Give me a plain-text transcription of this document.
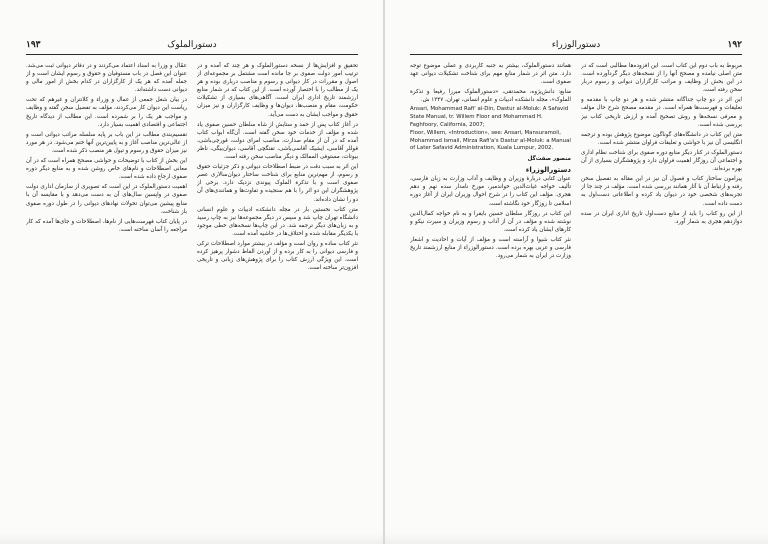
۱۹۲
دستورالوزراء

مربوط به باب دوم این کتاب است. این افزوده‌ها مطالبی است که در متن اصلی نیامده و مصحح آنها را از نسخه‌های دیگر گردآورده است. در این بخش از وظایف و مراتب کارگزاران دیوانی و رسوم دربار سخن رفته است.

این اثر در دو چاپ جداگانه منتشر شده و هر دو چاپ با مقدمه و تعلیقات و فهرست‌ها همراه است. در مقدمه مصحح شرح حال مؤلف و معرفی نسخه‌ها و روش تصحیح آمده و ارزش تاریخی کتاب نیز بررسی شده است.

متن این کتاب در دانشگاه‌های گوناگون موضوع پژوهش بوده و ترجمه انگلیسی آن نیز با حواشی و تعلیقات فراوان منتشر شده است.

دستورالملوک در کنار دیگر منابع دوره صفوی برای شناخت نظام اداری و اجتماعی آن روزگار اهمیت فراوان دارد و پژوهشگران بسیاری از آن بهره برده‌اند.

پیرامون ساختار کتاب و فصول آن نیز در این مقاله به تفصیل سخن رفته و ارتباط آن با آثار همانند بررسی شده است. مؤلف در چند جا از تجربه‌های شخصی خود در دیوان یاد کرده و اطلاعاتی دست‌اول به دست داده است.

از این رو کتاب را باید از منابع دست‌اول تاریخ اداری ایران در سده دوازدهم هجری به شمار آورد.

همانند دستورالملوک، بیشتر به جنبه کاربردی و عملی موضوع توجه دارد. متن اثر در شمار منابع مهم برای شناخت تشکیلات دیوانی عهد صفوی است.

منابع: دانش‌پژوه، محمدتقی، «دستورالملوک میرزا رفیعا و تذکرة الملوک»، مجله دانشکده ادبیات و علوم انسانی، تهران، ۱۳۴۷ ش.

Ansari, Mohammad Rafi' al-Din, Dastur al-Moluk: A Safavid State Manual, tr. Willem Floor and Mohammad H. Faghfoory, California, 2007;
Floor, Willem, «Introduction», see: Ansari, Mansuramoli, Mohammad Ismail, Mirza Rafi'a's Dastur al-Moluk: a Manual of Later Safavid Administration, Kuala Lumpur, 2002.
منصور صفت‌گل
دستورالوزراء

عنوان کتابی دربارهٔ وزیران و وظایف و آداب وزارت به زبان فارسی، تألیف خواجه غیاث‌الدین خواندمیر، مورخ نامدار سده نهم و دهم هجری. مؤلف این کتاب را در شرح احوال وزیران ایران از آغاز دوره اسلامی تا روزگار خود نگاشته است.

این کتاب در روزگار سلطان حسین بایقرا و به نام خواجه کمال‌الدین نوشته شده و مؤلف در آن از آداب و رسوم وزیران و سیرت نیکو و کارهای ایشان یاد کرده است.

نثر کتاب شیوا و آراسته است و مؤلف از آیات و احادیث و اشعار فارسی و عربی بهره برده است. دستورالوزراء از منابع ارزشمند تاریخ وزارت در ایران به شمار می‌رود.

۱۹۳	دستورالملوک

تحقیق و افزایش‌ها از نسخه دستورالملوک و هر چند که آمده و در ترتیب امور دولت صفوی بر جا مانده است مشتمل بر مجموعه‌ای از اصول و مقررات در کار دیوانی و رسوم و مناصب درباری بوده و هر یک از مطالب را با اختصار آورده است. از این کتاب که در شمار منابع ارزشمند تاریخ اداری ایران است، آگاهی‌های بسیاری از تشکیلات حکومت، مقام و منصب‌ها، دیوان‌ها و وظایف کارگزاران و نیز میزان حقوق و مواجب ایشان به دست می‌آید.

در آغاز کتاب پس از حمد و ستایش از شاه سلطان حسین صفوی یاد شده و مؤلف از خدمات خود سخن گفته است. آن‌گاه ابواب کتاب آمده که در آن از مقام صدارت، مناصب امرای دولت، قورچی‌باشی، قوللر آقاسی، ایشیک آقاسی‌باشی، تفنگچی آقاسی، دیوان‌بیگی، ناظر بیوتات، مستوفی الممالک و دیگر مناصب سخن رفته است.

این اثر به سبب دقت در ضبط اصطلاحات دیوانی و ذکر جزئیات حقوق و رسوم، از مهم‌ترین منابع برای شناخت ساختار دیوان‌سالاری عصر صفوی است و با تذکرة الملوک پیوندی نزدیک دارد. برخی از پژوهشگران این دو اثر را با هم سنجیده و تفاوت‌ها و همانندی‌های آن دو را نشان داده‌اند.

متن کتاب نخستین بار در مجله دانشکده ادبیات و علوم انسانی دانشگاه تهران چاپ شد و سپس در دیگر مجموعه‌ها نیز به چاپ رسید و به زبان‌های دیگر ترجمه شد. در این چاپ‌ها نسخه‌های خطی موجود با یکدیگر مقابله شده و اختلاف‌ها در حاشیه آمده است.

نثر کتاب ساده و روان است و مؤلف در بیشتر موارد اصطلاحات ترکی و فارسی دیوانی را به کار برده و از آوردن الفاظ دشوار پرهیز کرده است. این ویژگی ارزش کتاب را برای پژوهش‌های زبانی و تاریخی افزون‌تر ساخته است.

عمّال و وزرا به اسناد اعتماد می‌کردند و در دفاتر دیوانی ثبت می‌شد. عنوان این فصل در باب مستوفیان و حقوق و رسوم ایشان است و از جمله آمده که هر یک از کارگزاران در کدام بخش از امور مالی و دیوانی دست داشته‌اند.

در بیان شغل جمعی از عمال و وزراء و کلانتران و غیرهم که تحت ریاست این دیوان کار می‌کردند، مؤلف به تفصیل سخن گفته و وظایف و مواجب هر یک را بر شمرده است. این مطالب از دیدگاه تاریخ اجتماعی و اقتصادی اهمیت بسیار دارد.

تقسیم‌بندی مطالب در این باب بر پایه سلسله مراتب دیوانی است و از عالی‌ترین مناصب آغاز و به پایین‌ترین آنها ختم می‌شود. در هر مورد نیز میزان حقوق و رسوم و تیول هر منصب ذکر شده است.

این بخش از کتاب با توضیحات و حواشی مصحح همراه است که در آن معانی اصطلاحات و نام‌های خاص روشن شده و به منابع دیگر دوره صفوی ارجاع داده شده است.

اهمیت دستورالملوک در این است که تصویری از سازمان اداری دولت صفوی در واپسین سال‌های آن به دست می‌دهد و با مقایسه آن با منابع پیشین می‌توان تحولات نهادهای دیوانی را در طول دوره صفوی باز شناخت.

در پایان کتاب فهرست‌هایی از نام‌ها، اصطلاحات و جای‌ها آمده که کار مراجعه را آسان ساخته است.
